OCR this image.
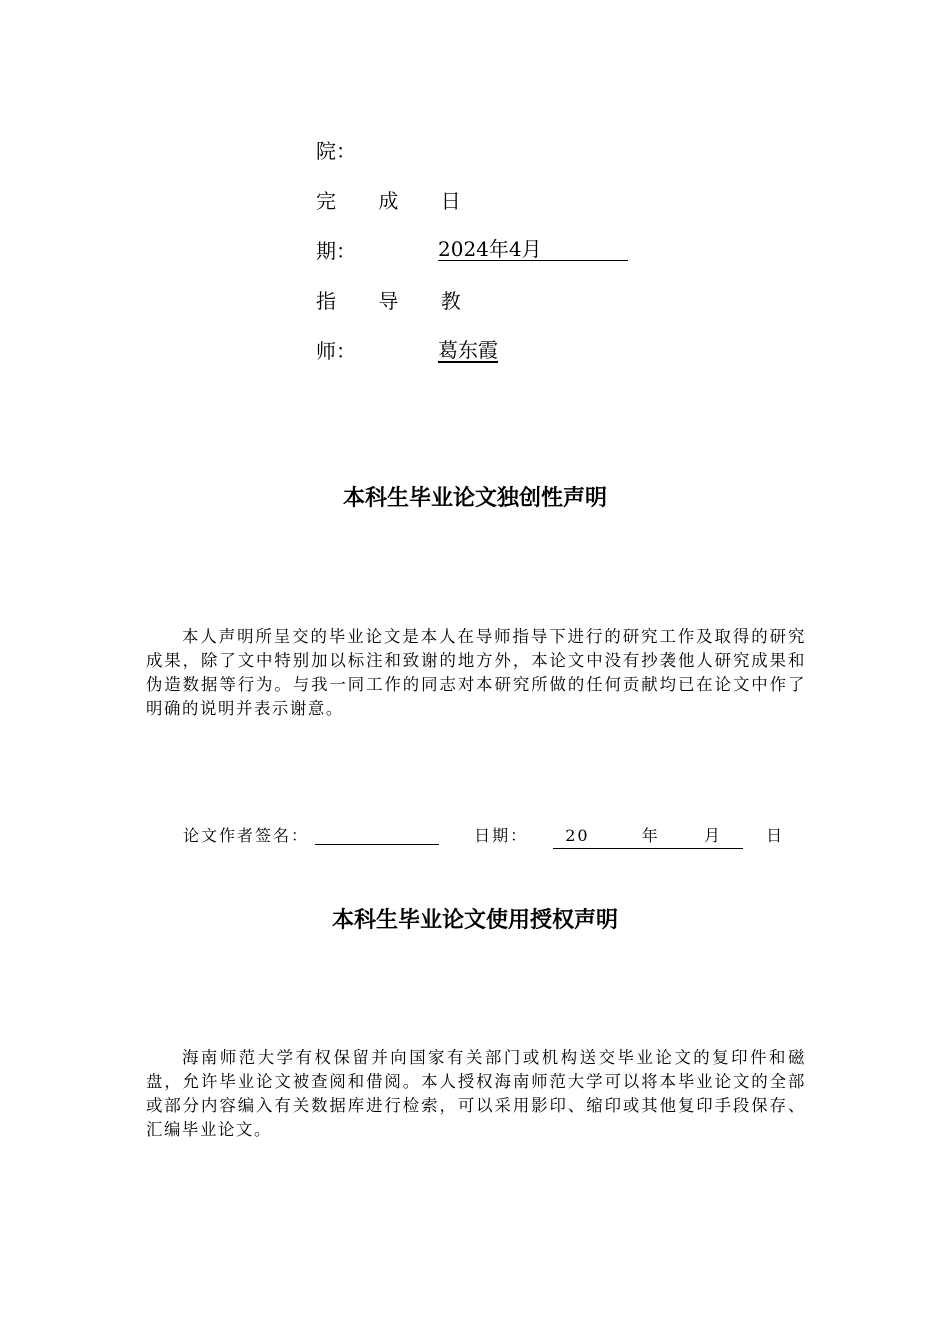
院：
完 成 日
期：	2024年4月
指 导 教
师：	葛东霞
本科生毕业论文独创性声明
本人声明所呈交的毕业论文是本人在导师指导下进行的研究工作及取得的研究成果，除了文中特别加以标注和致谢的地方外，本论文中没有抄袭他人研究成果和伪造数据等行为。与我一同工作的同志对本研究所做的任何贡献均已在论文中作了明确的说明并表示谢意。
论文作者签名：	日期： 20	年	月	日
本科生毕业论文使用授权声明
海南师范大学有权保留并向国家有关部门或机构送交毕业论文的复印件和磁盘，允许毕业论文被查阅和借阅。本人授权海南师范大学可以将本毕业论文的全部或部分内容编入有关数据库进行检索，可以采用影印、缩印或其他复印手段保存、汇编毕业论文。
